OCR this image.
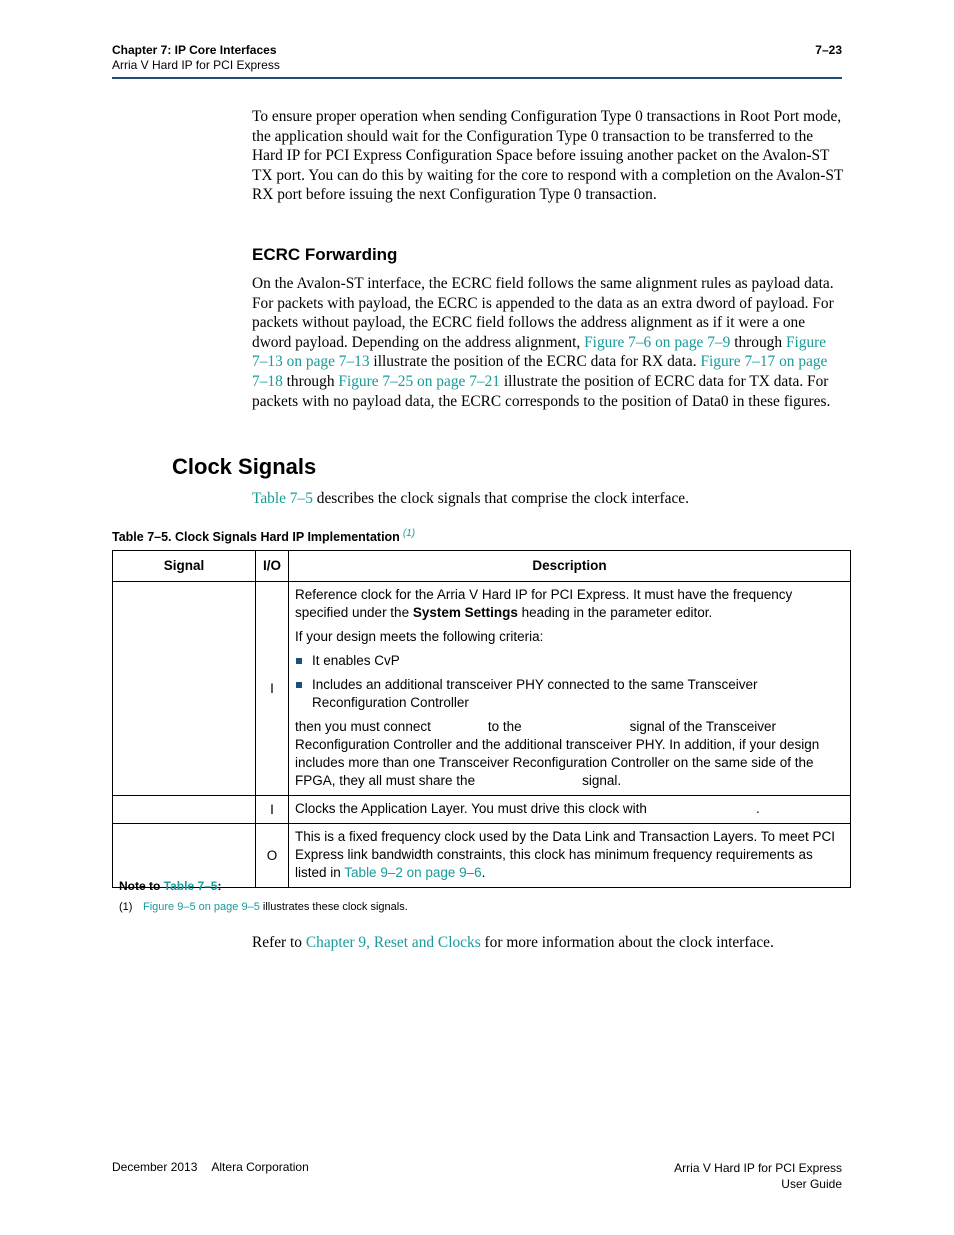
Chapter 7: IP Core Interfaces	7–23
Arria V Hard IP for PCI Express

To ensure proper operation when sending Configuration Type 0 transactions in Root Port mode, the application should wait for the Configuration Type 0 transaction to be transferred to the Hard IP for PCI Express Configuration Space before issuing another packet on the Avalon-ST TX port. You can do this by waiting for the core to respond with a completion on the Avalon-ST RX port before issuing the next Configuration Type 0 transaction.

ECRC Forwarding

On the Avalon-ST interface, the ECRC field follows the same alignment rules as payload data. For packets with payload, the ECRC is appended to the data as an extra dword of payload. For packets without payload, the ECRC field follows the address alignment as if it were a one dword payload. Depending on the address alignment, Figure 7–6 on page 7–9 through Figure 7–13 on page 7–13 illustrate the position of the ECRC data for RX data. Figure 7–17 on page 7–18 through Figure 7–25 on page 7–21 illustrate the position of ECRC data for TX data. For packets with no payload data, the ECRC corresponds to the position of Data0 in these figures.

Clock Signals

Table 7–5 describes the clock signals that comprise the clock interface.

Table 7–5. Clock Signals Hard IP Implementation $^{(1)}$
Signal	I/O	Description
	I	Reference clock for the Arria V Hard IP for PCI Express. It must have the frequency specified under the System Settings heading in the parameter editor.

If your design meets the following criteria:

It enables CvP
Includes an additional transceiver PHY connected to the same Transceiver Reconfiguration Controller

then you must connect to the signal of the Transceiver Reconfiguration Controller and the additional transceiver PHY. In addition, if your design includes more than one Transceiver Reconfiguration Controller on the same side of the FPGA, they all must share the signal.

	I	Clocks the Application Layer. You must drive this clock with .
	O	This is a fixed frequency clock used by the Data Link and Transaction Layers. To meet PCI Express link bandwidth constraints, this clock has minimum frequency requirements as listed in Table 9–2 on page 9–6.
Note to Table 7–5:
(1) Figure 9–5 on page 9–5 illustrates these clock signals.

Refer to Chapter 9, Reset and Clocks for more information about the clock interface.

December 2013 Altera Corporation	Arria V Hard IP for PCI Express
User Guide
